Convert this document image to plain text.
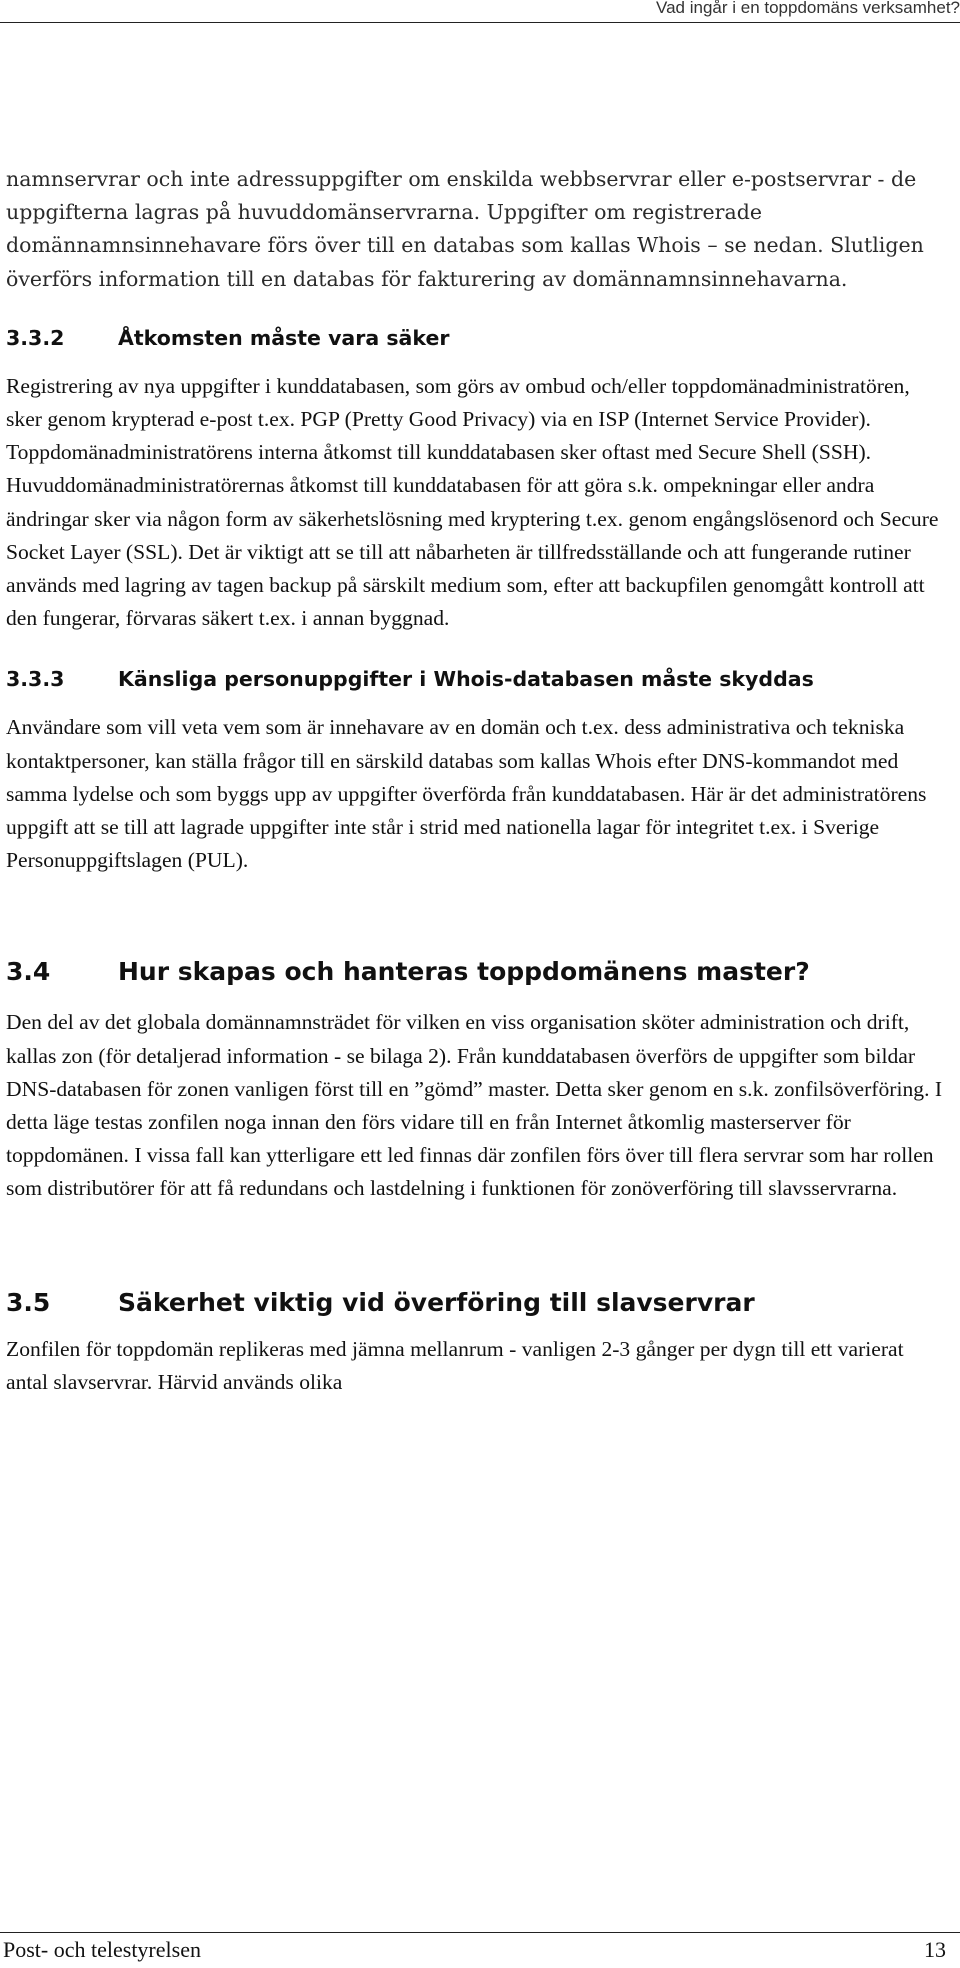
Vad ingår i en toppdomäns verksamhet?

namnservrar och inte adressuppgifter om enskilda webbservrar eller e-postservrar - de uppgifterna lagras på huvuddomänservrarna. Uppgifter om registrerade domännamnsinnehavare förs över till en databas som kallas Whois – se nedan. Slutligen överförs information till en databas för fakturering av domännamnsinnehavarna.

3.3.2	Åtkomsten måste vara säker

Registrering av nya uppgifter i kunddatabasen, som görs av ombud och/eller toppdomänadministratören, sker genom krypterad e-post t.ex. PGP (Pretty Good Privacy) via en ISP (Internet Service Provider). Toppdomänadministratörens interna åtkomst till kunddatabasen sker oftast med Secure Shell (SSH). Huvuddomänadministratörernas åtkomst till kunddatabasen för att göra s.k. ompekningar eller andra ändringar sker via någon form av säkerhetslösning med kryptering t.ex. genom engångslösenord och Secure Socket Layer (SSL). Det är viktigt att se till att nåbarheten är tillfredsställande och att fungerande rutiner används med lagring av tagen backup på särskilt medium som, efter att backupfilen genomgått kontroll att den fungerar, förvaras säkert t.ex. i annan byggnad.

3.3.3	Känsliga personuppgifter i Whois-databasen måste skyddas

Användare som vill veta vem som är innehavare av en domän och t.ex. dess administrativa och tekniska kontaktpersoner, kan ställa frågor till en särskild databas som kallas Whois efter DNS-kommandot med samma lydelse och som byggs upp av uppgifter överförda från kunddatabasen. Här är det administratörens uppgift att se till att lagrade uppgifter inte står i strid med nationella lagar för integritet t.ex. i Sverige Personuppgiftslagen (PUL).

3.4	Hur skapas och hanteras toppdomänens master?

Den del av det globala domännamnsträdet för vilken en viss organisation sköter administration och drift, kallas zon (för detaljerad information - se bilaga 2). Från kunddatabasen överförs de uppgifter som bildar DNS-databasen för zonen vanligen först till en ”gömd” master. Detta sker genom en s.k. zonfilsöverföring. I detta läge testas zonfilen noga innan den förs vidare till en från Internet åtkomlig masterserver för toppdomänen. I vissa fall kan ytterligare ett led finnas där zonfilen förs över till flera servrar som har rollen som distributörer för att få redundans och lastdelning i funktionen för zonöverföring till slavsservrarna.

3.5	Säkerhet viktig vid överföring till slavservrar

Zonfilen för toppdomän replikeras med jämna mellanrum - vanligen 2-3 gånger per dygn till ett varierat antal slavservrar. Härvid används olika

Post- och telestyrelsen	13
